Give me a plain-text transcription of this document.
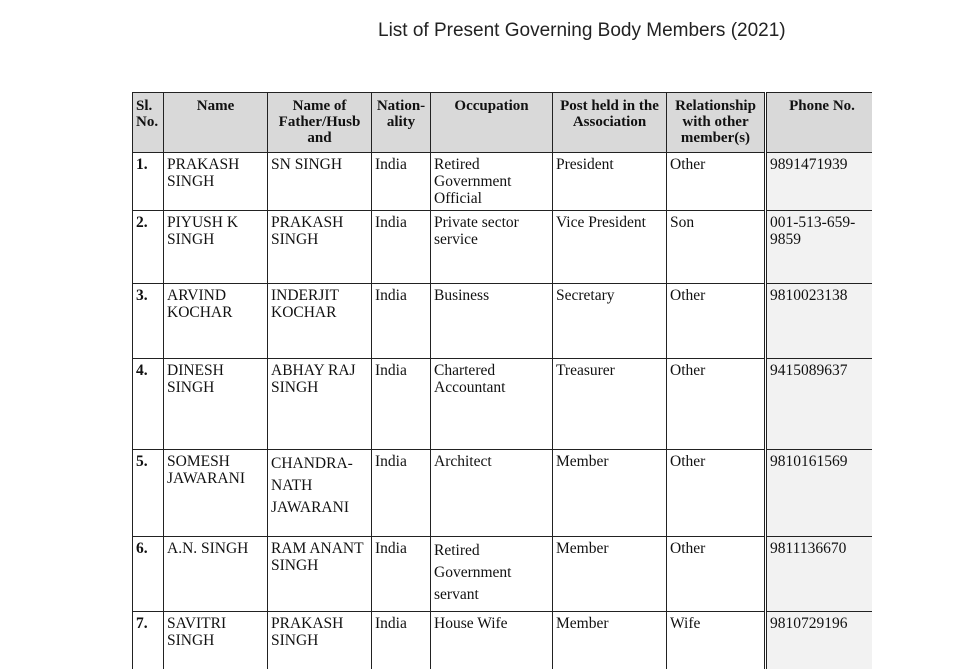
List of Present Governing Body Members (2021)
Sl. No.	Name	Name of Father/Husb and	Nation-ality	Occupation	Post held in the Association	Relationship with other member(s)	Phone No.
1.	PRAKASH SINGH	SN SINGH	India	Retired Government Official	President	Other	9891471939
2.	PIYUSH K SINGH	PRAKASH SINGH	India	Private sector service	Vice President	Son	001-513-659-9859
3.	ARVIND KOCHAR	INDERJIT KOCHAR	India	Business	Secretary	Other	9810023138
4.	DINESH SINGH	ABHAY RAJ SINGH	India	Chartered Accountant	Treasurer	Other	9415089637
5.	SOMESH JAWARANI	CHANDRA-NATH JAWARANI	India	Architect	Member	Other	9810161569
6.	A.N. SINGH	RAM ANANT SINGH	India	Retired Government servant	Member	Other	9811136670
7.	SAVITRI SINGH	PRAKASH SINGH	India	House Wife	Member	Wife	9810729196
